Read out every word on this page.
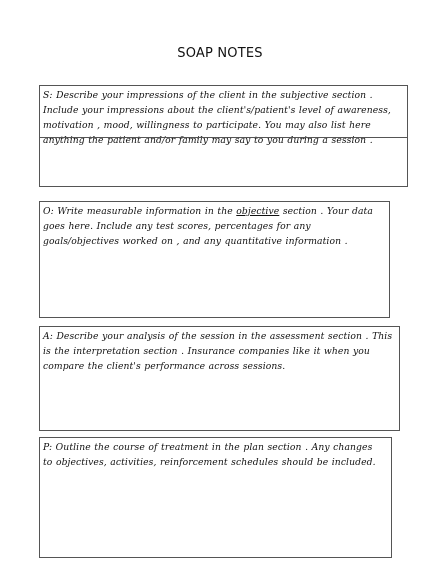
SOAP NOTES
S: Describe your impressions of the client in the subjective section . Include your impressions about the client's/patient's level of awareness, motivation , mood, willingness to participate. You may also list here anything the patient and/or family may say to you during a session .
O: Write measurable information in the objective section . Your data goes here. Include any test scores, percentages for any goals/objectives worked on , and any quantitative information .
A: Describe your analysis of the session in the assessment section . This is the interpretation section . Insurance companies like it when you compare the client's performance across sessions.
P: Outline the course of treatment in the plan section . Any changes to objectives, activities, reinforcement schedules should be included.
